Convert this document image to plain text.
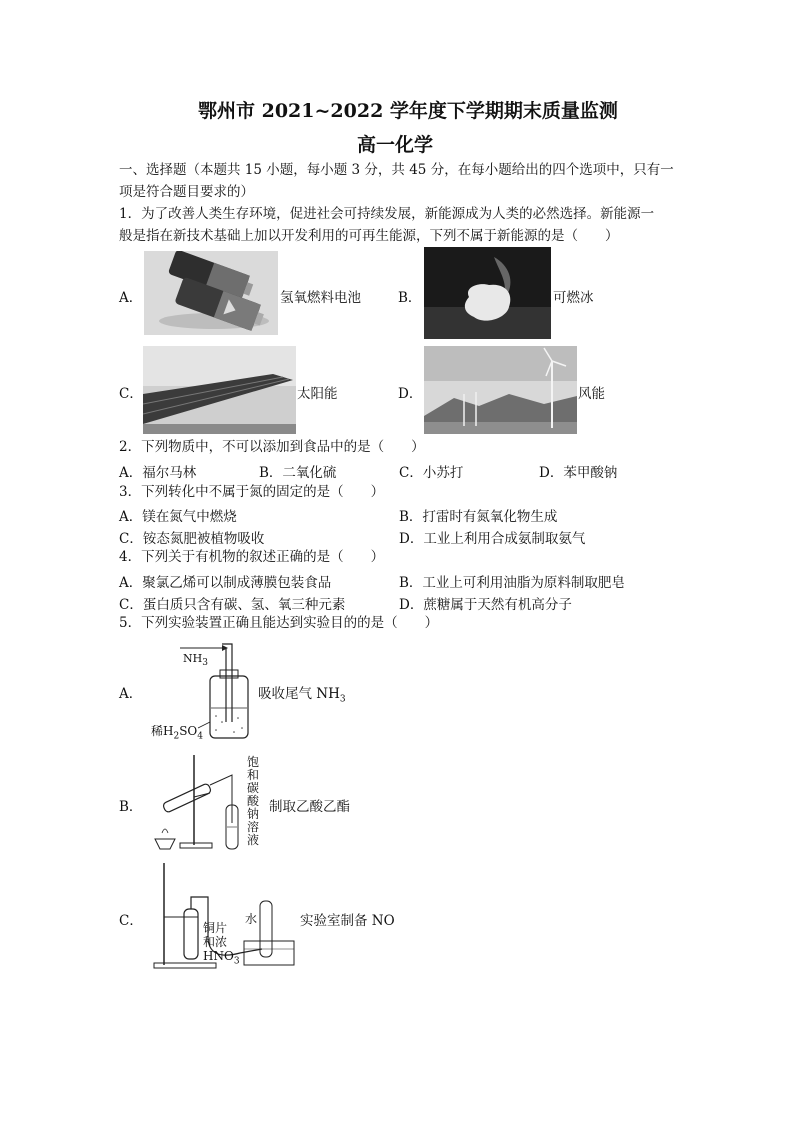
鄂州市 2021~2022 学年度下学期期末质量监测
高一化学
一、选择题（本题共 15 小题，每小题 3 分，共 45 分，在每小题给出的四个选项中，只有一
项是符合题目要求的）
1．为了改善人类生存环境，促进社会可持续发展，新能源成为人类的必然选择。新能源一
般是指在新技术基础上加以开发利用的可再生能源，下列不属于新能源的是（　　）
A．	氢氧燃料电池	B．	可燃冰
C．	太阳能	D．	风能
2．下列物质中，不可以添加到食品中的是（　　）
A．福尔马林	B．二氧化硫	C．小苏打	D．苯甲酸钠
3．下列转化中不属于氮的固定的是（　　）
A．镁在氮气中燃烧	B．打雷时有氮氧化物生成
C．铵态氮肥被植物吸收	D．工业上利用合成氨制取氨气
4．下列关于有机物的叙述正确的是（　　）
A．聚氯乙烯可以制成薄膜包装食品	B．工业上可利用油脂为原料制取肥皂
C．蛋白质只含有碳、氢、氧三种元素	D．蔗糖属于天然有机高分子
5．下列实验装置正确且能达到实验目的的是（　　）
A．
$NH_3$
稀$H_2SO_4$
吸收尾气 $NH_3$
B．
饱和碳酸钠溶液
制取乙酸乙酯
C．	水
铜片
和浓
$HNO_3$
实验室制备 NO
